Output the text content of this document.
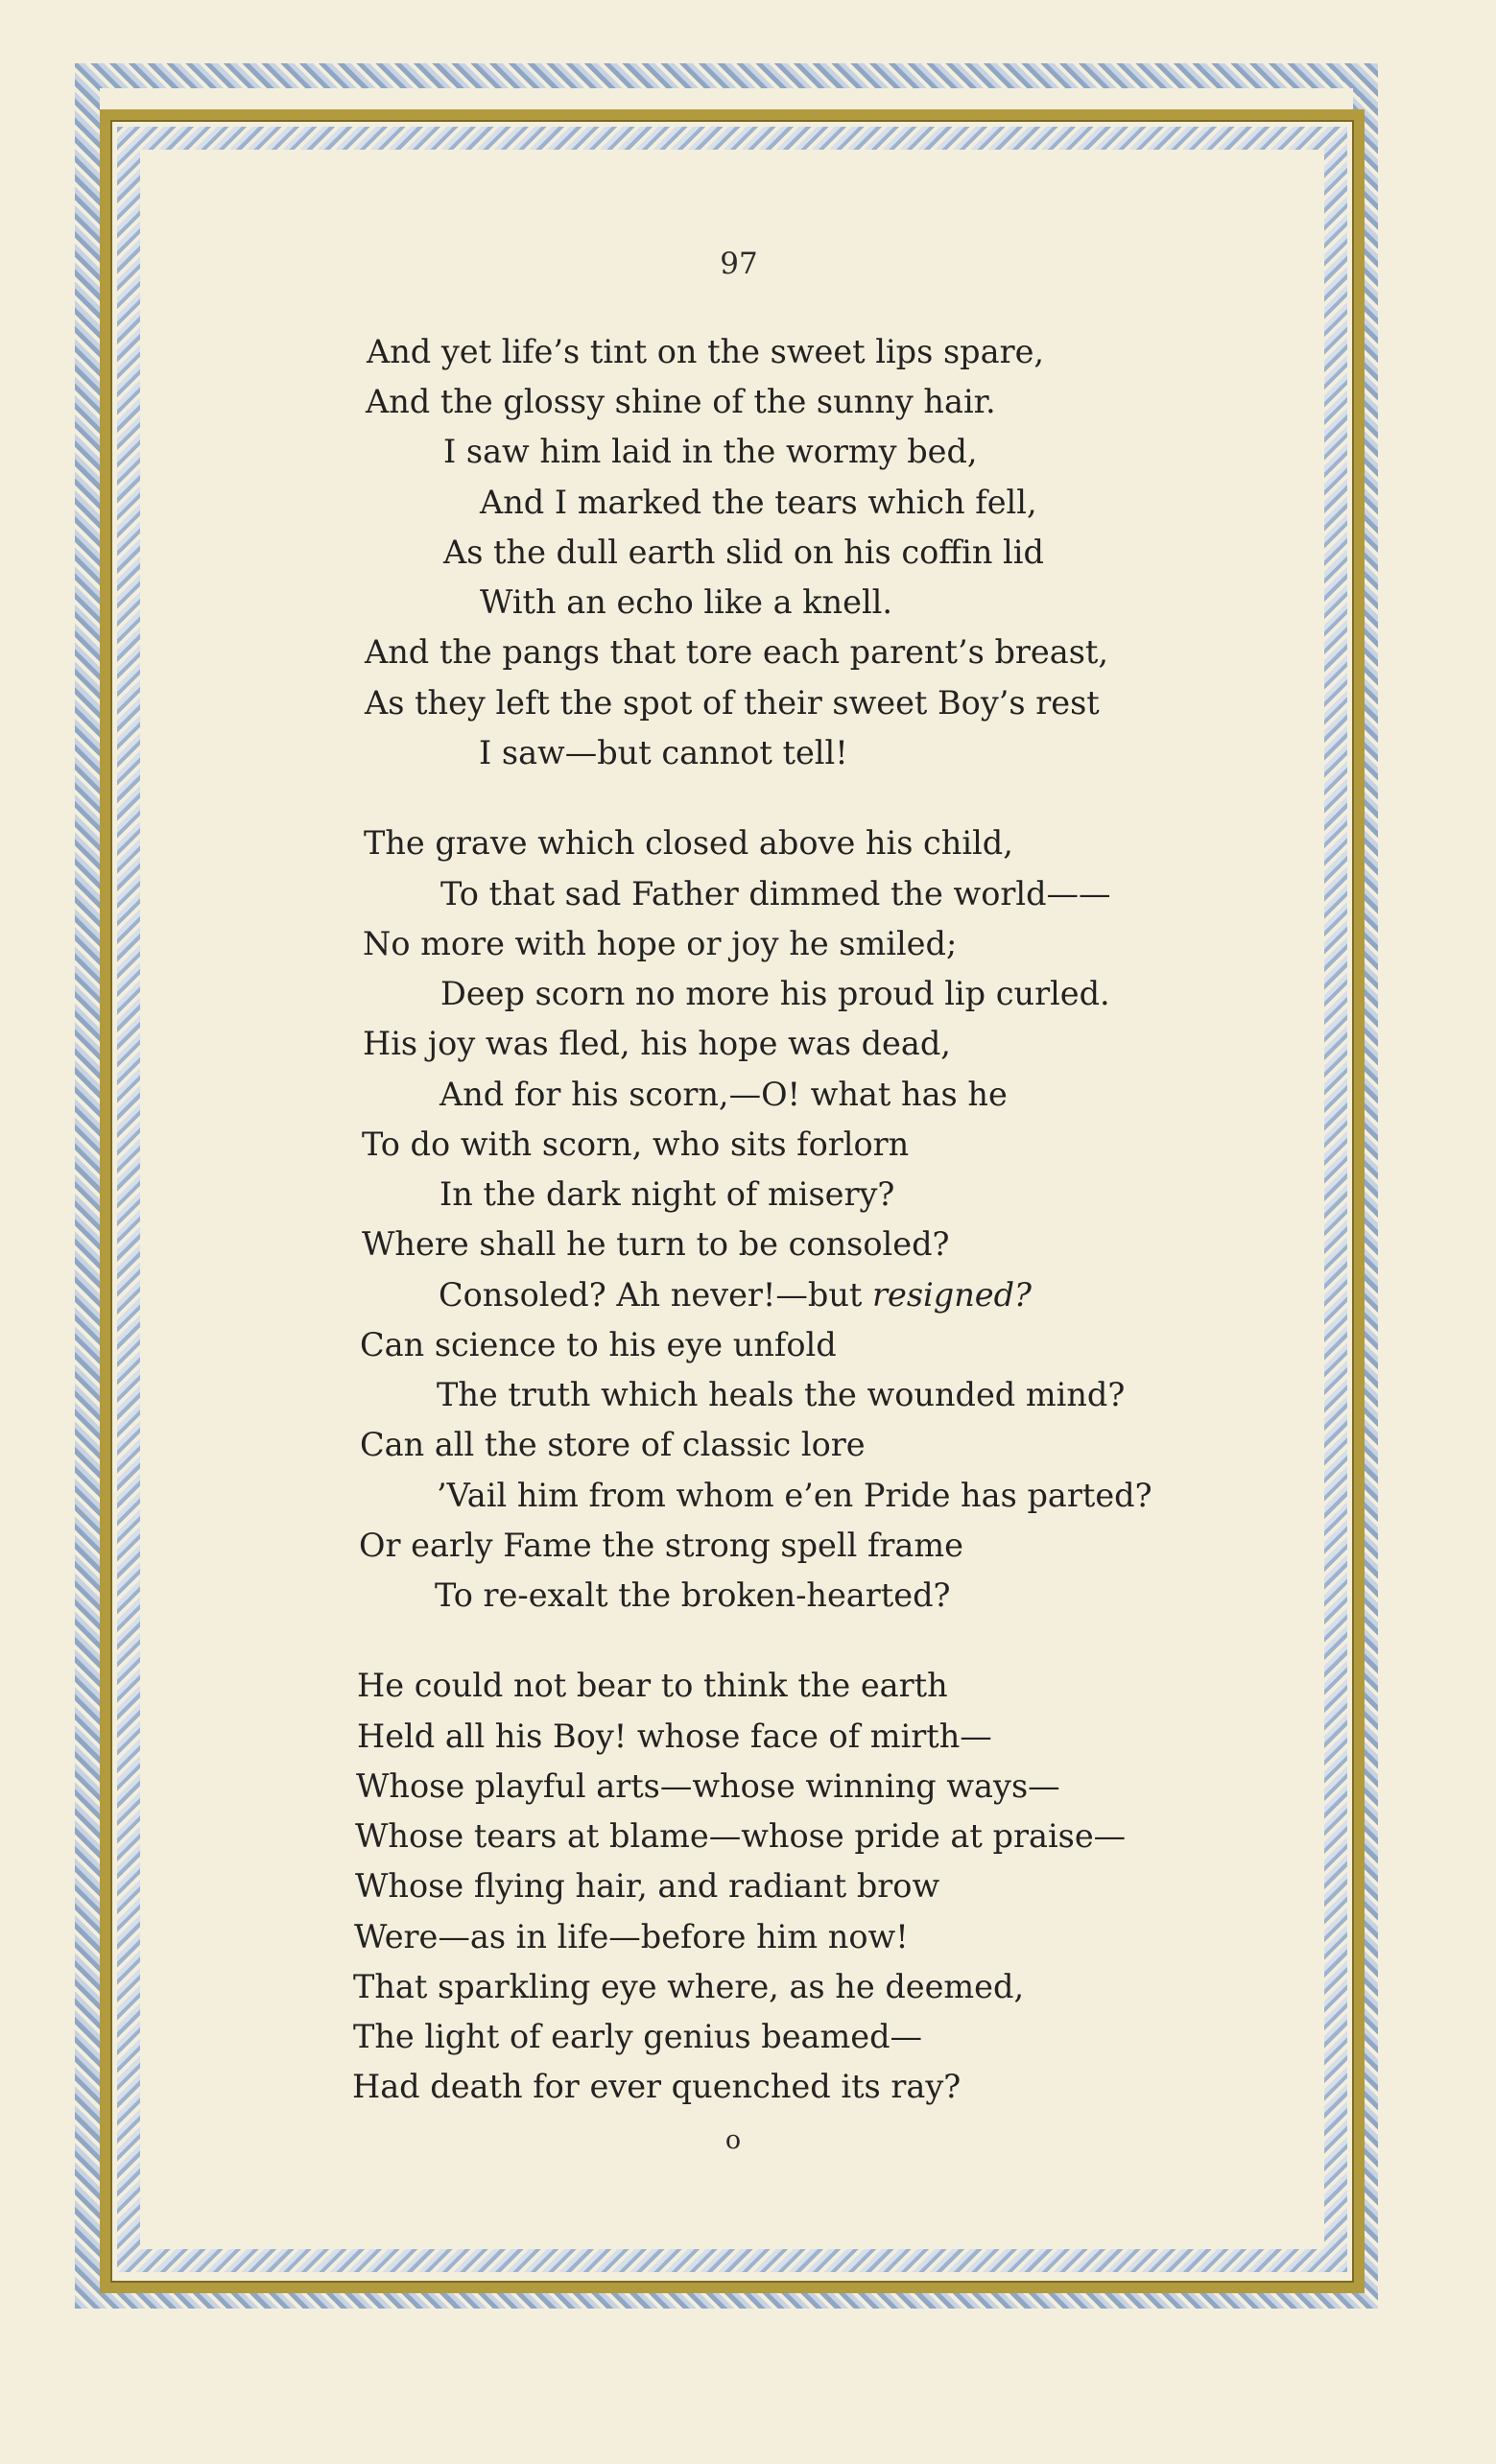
97
And yet life’s tint on the sweet lips spare,
And the glossy shine of the sunny hair.
I saw him laid in the wormy bed,
And I marked the tears which fell,
As the dull earth slid on his coffin lid
With an echo like a knell.
And the pangs that tore each parent’s breast,
As they left the spot of their sweet Boy’s rest
I saw—but cannot tell!
The grave which closed above his child,
To that sad Father dimmed the world——
No more with hope or joy he smiled;
Deep scorn no more his proud lip curled.
His joy was fled, his hope was dead,
And for his scorn,—O! what has he
To do with scorn, who sits forlorn
In the dark night of misery?
Where shall he turn to be consoled?
Consoled? Ah never!—but resigned?
Can science to his eye unfold
The truth which heals the wounded mind?
Can all the store of classic lore
’Vail him from whom e’en Pride has parted?
Or early Fame the strong spell frame
To re-exalt the broken-hearted?
He could not bear to think the earth
Held all his Boy! whose face of mirth—
Whose playful arts—whose winning ways—
Whose tears at blame—whose pride at praise—
Whose flying hair, and radiant brow
Were—as in life—before him now!
That sparkling eye where, as he deemed,
The light of early genius beamed—
Had death for ever quenched its ray?
o
